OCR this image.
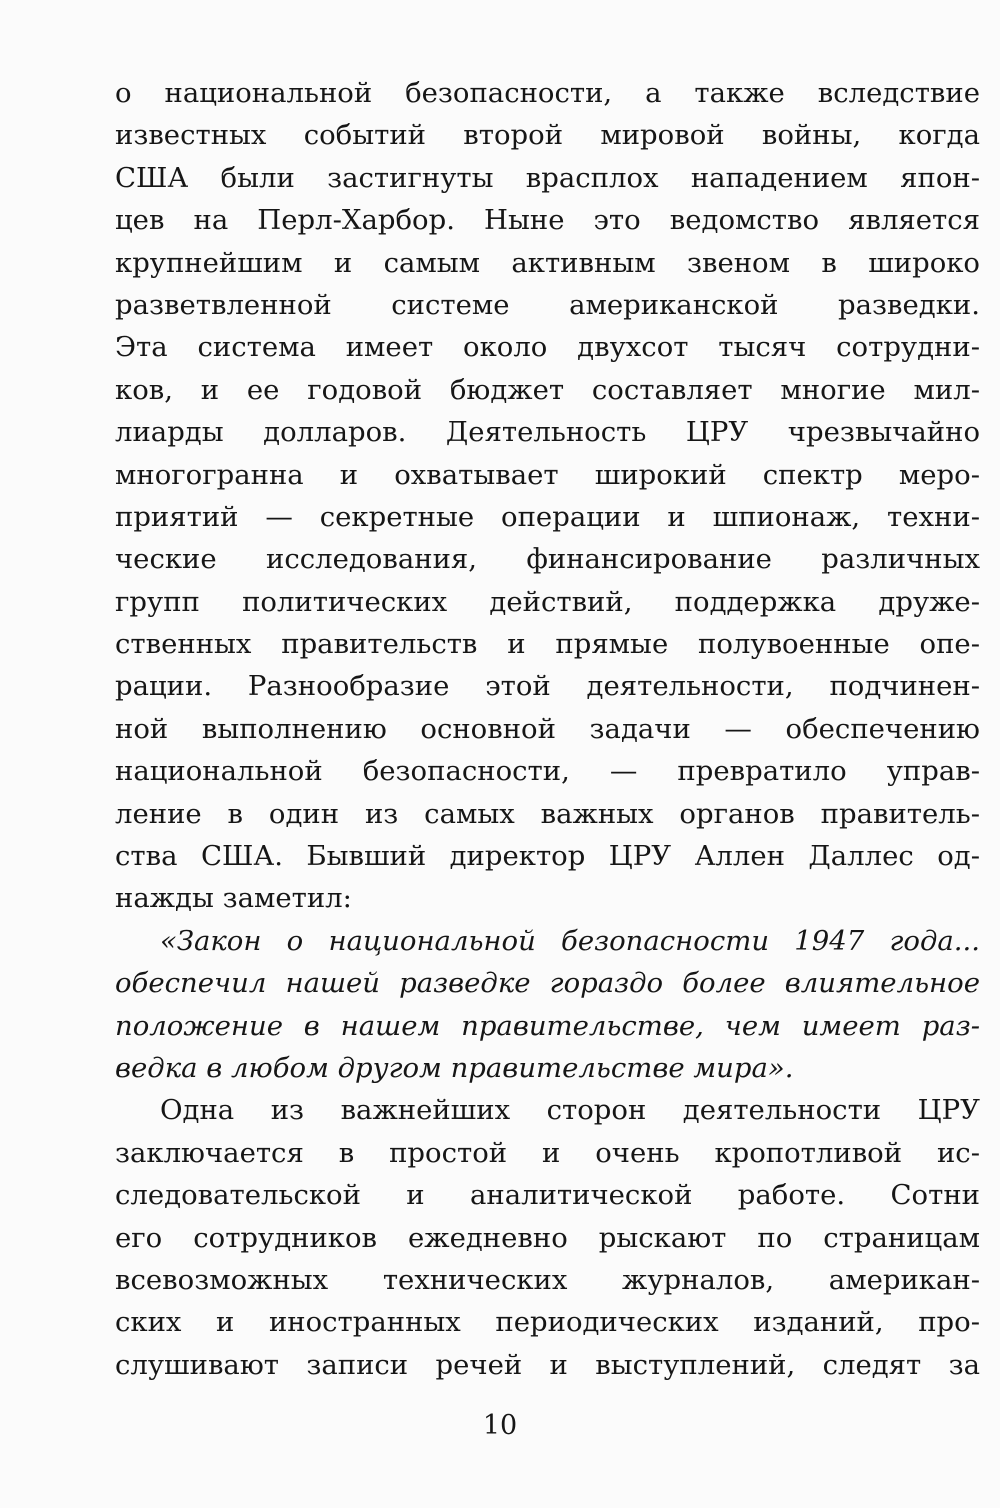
о национальной безопасности, а также вследствие
известных событий второй мировой войны, когда
США были застигнуты врасплох нападением япон-
цев на Перл-Харбор. Ныне это ведомство является
крупнейшим и самым активным звеном в широко
разветвленной системе американской разведки.
Эта система имеет около двухсот тысяч сотрудни-
ков, и ее годовой бюджет составляет многие мил-
лиарды долларов. Деятельность ЦРУ чрезвычайно
многогранна и охватывает широкий спектр меро-
приятий — секретные операции и шпионаж, техни-
ческие исследования, финансирование различных
групп политических действий, поддержка друже-
ственных правительств и прямые полувоенные опе-
рации. Разнообразие этой деятельности, подчинен-
ной выполнению основной задачи — обеспечению
национальной безопасности, — превратило управ-
ление в один из самых важных органов правитель-
ства США. Бывший директор ЦРУ Аллен Даллес од-
нажды заметил:
«Закон о национальной безопасности 1947 года...
обеспечил нашей разведке гораздо более влиятельное
положение в нашем правительстве, чем имеет раз-
ведка в любом другом правительстве мира».
Одна из важнейших сторон деятельности ЦРУ
заключается в простой и очень кропотливой ис-
следовательской и аналитической работе. Сотни
его сотрудников ежедневно рыскают по страницам
всевозможных технических журналов, американ-
ских и иностранных периодических изданий, про-
слушивают записи речей и выступлений, следят за
10
